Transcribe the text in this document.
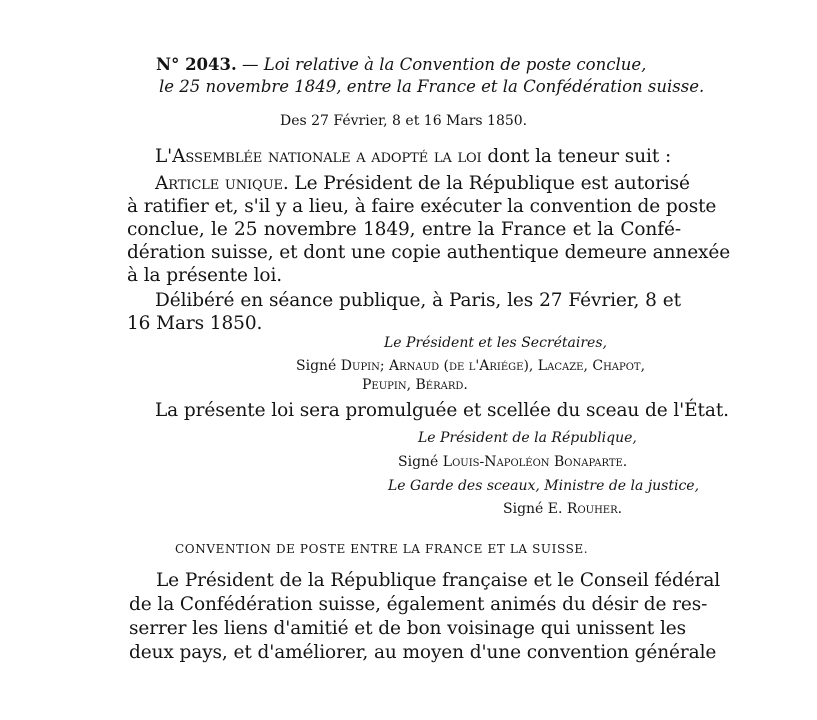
N° 2043. — Loi relative à la Convention de poste conclue,
le 25 novembre 1849, entre la France et la Confédération suisse.
Des 27 Février, 8 et 16 Mars 1850.
L'Assemblée nationale a adopté la loi dont la teneur suit :
Article unique. Le Président de la République est autorisé
à ratifier et, s'il y a lieu, à faire exécuter la convention de poste
conclue, le 25 novembre 1849, entre la France et la Confé-
dération suisse, et dont une copie authentique demeure annexée
à la présente loi.
Délibéré en séance publique, à Paris, les 27 Février, 8 et
16 Mars 1850.
Le Président et les Secrétaires,
Signé Dupin; Arnaud (de l'Ariége), Lacaze, Chapot,
Peupin, Bérard.
La présente loi sera promulguée et scellée du sceau de l'État.
Le Président de la République,
Signé Louis-Napoléon Bonaparte.
Le Garde des sceaux, Ministre de la justice,
Signé E. Rouher.
CONVENTION DE POSTE ENTRE LA FRANCE ET LA SUISSE.
Le Président de la République française et le Conseil fédéral
de la Confédération suisse, également animés du désir de res-
serrer les liens d'amitié et de bon voisinage qui unissent les
deux pays, et d'améliorer, au moyen d'une convention générale
